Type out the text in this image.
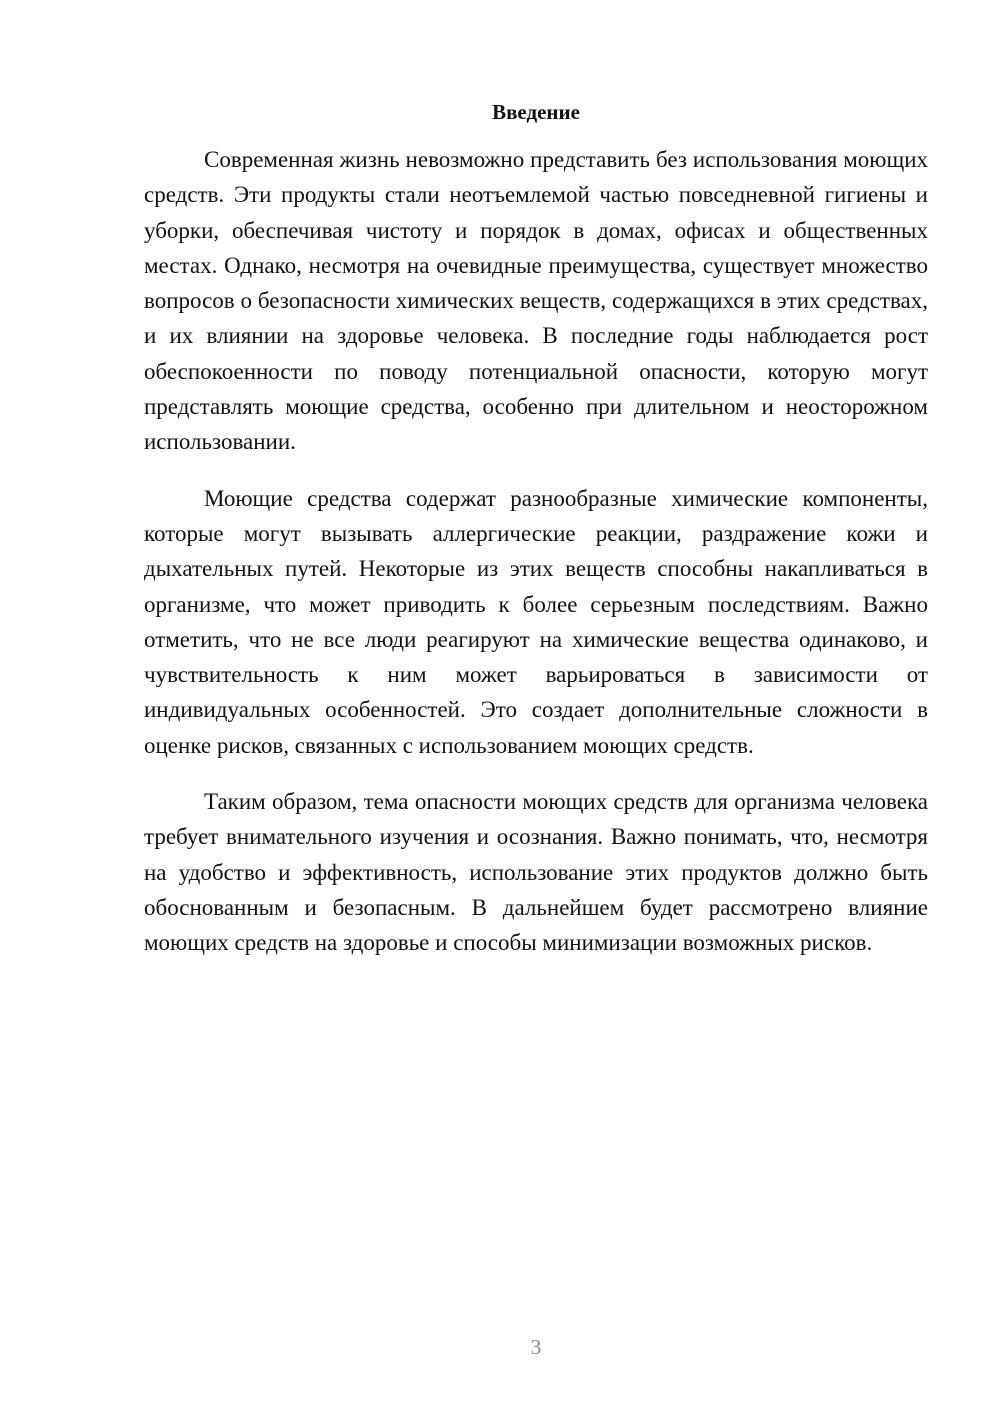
Введение

Современная жизнь невозможно представить без использования моющих средств. Эти продукты стали неотъемлемой частью повседневной гигиены и уборки, обеспечивая чистоту и порядок в домах, офисах и общественных местах. Однако, несмотря на очевидные преимущества, существует множество вопросов о безопасности химических веществ, содержащихся в этих средствах, и их влиянии на здоровье человека. В последние годы наблюдается рост обеспокоенности по поводу потенциальной опасности, которую могут представлять моющие средства, особенно при длительном и неосторожном использовании.

Моющие средства содержат разнообразные химические компоненты, которые могут вызывать аллергические реакции, раздражение кожи и дыхательных путей. Некоторые из этих веществ способны накапливаться в организме, что может приводить к более серьезным последствиям. Важно отметить, что не все люди реагируют на химические вещества одинаково, и чувствительность к ним может варьироваться в зависимости от индивидуальных особенностей. Это создает дополнительные сложности в оценке рисков, связанных с использованием моющих средств.

Таким образом, тема опасности моющих средств для организма человека требует внимательного изучения и осознания. Важно понимать, что, несмотря на удобство и эффективность, использование этих продуктов должно быть обоснованным и безопасным. В дальнейшем будет рассмотрено влияние моющих средств на здоровье и способы минимизации возможных рисков.

3
